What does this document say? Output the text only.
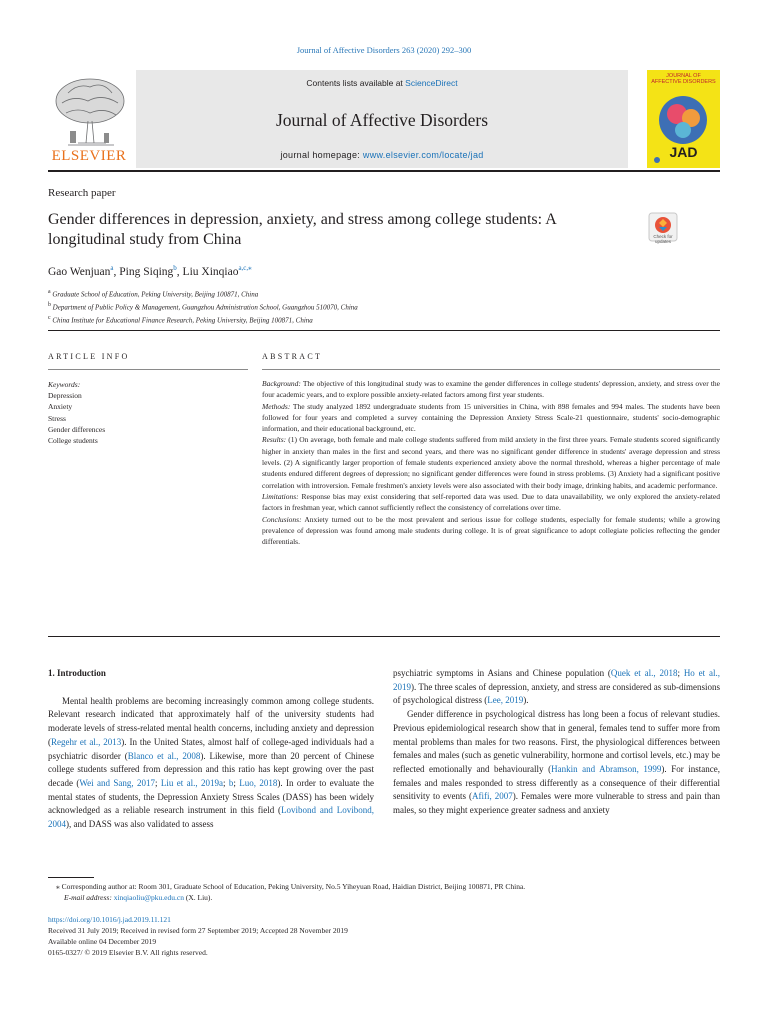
Journal of Affective Disorders 263 (2020) 292–300
ELSEVIER
Contents lists available at ScienceDirect
Journal of Affective Disorders
journal homepage: www.elsevier.com/locate/jad
JOURNAL OF AFFECTIVE DISORDERS
JAD
Research paper
Gender differences in depression, anxiety, and stress among college students: A longitudinal study from China	Check for updates
Gao Wenjuan$^a$, Ping Siqing$^b$, Liu Xinqiao$^{a,c,⁎}$
$^a$ Graduate School of Education, Peking University, Beijing 100871, China
$^b$ Department of Public Policy & Management, Guangzhou Administration School, Guangzhou 510070, China
$^c$ China Institute for Educational Finance Research, Peking University, Beijing 100871, China
ARTICLE INFO	ABSTRACT
Keywords:
Depression
Anxiety
Stress
Gender differences
College students

Background: The objective of this longitudinal study was to examine the gender differences in college students' depression, anxiety, and stress over the four academic years, and to explore possible anxiety-related factors among first year students.

Methods: The study analyzed 1892 undergraduate students from 15 universities in China, with 898 females and 994 males. The students have been followed for four years and completed a survey containing the Depression Anxiety Stress Scale-21 questionnaire, students' socio-demographic information, and their educational background, etc.

Results: (1) On average, both female and male college students suffered from mild anxiety in the first three years. Female students scored significantly higher in anxiety than males in the first and second years, and there was no significant gender difference in students' average depression and stress levels. (2) A significantly larger proportion of female students experienced anxiety above the normal threshold, whereas a higher percentage of male students endured different degrees of depression; no significant gender differences were found in stress problems. (3) Anxiety had a significant positive correlation with introversion. Female freshmen's anxiety levels were also associated with their body image, drinking habits, and academic performance.

Limitations: Response bias may exist considering that self-reported data was used. Due to data unavailability, we only explored the anxiety-related factors in freshman year, which cannot sufficiently reflect the consistency of correlations over time.

Conclusions: Anxiety turned out to be the most prevalent and serious issue for college students, especially for female students; while a growing prevalence of depression was found among male students during college. It is of great significance to adopt collegiate policies reflecting the gender differentials.

1. Introduction

Mental health problems are becoming increasingly common among college students. Relevant research indicated that approximately half of the university students had moderate levels of stress-related mental health concerns, including anxiety and depression (Regehr et al., 2013). In the United States, almost half of college-aged individuals had a psychiatric disorder (Blanco et al., 2008). Likewise, more than 20 percent of Chinese college students suffered from depression and this ratio has kept growing over the past decade (Wei and Sang, 2017; Liu et al., 2019a; b; Luo, 2018). In order to evaluate the mental states of students, the Depression Anxiety Stress Scales (DASS) has been widely acknowledged as a reliable research instrument in this field (Lovibond and Lovibond, 2004), and DASS was also validated to assess

psychiatric symptoms in Asians and Chinese population (Quek et al., 2018; Ho et al., 2019). The three scales of depression, anxiety, and stress are considered as sub-dimensions of psychological distress (Lee, 2019).

Gender difference in psychological distress has long been a focus of relevant studies. Previous epidemiological research show that in general, females tend to suffer more from mental problems than males for two reasons. First, the physiological differences between females and males (such as genetic vulnerability, hormone and cortisol levels, etc.) may be reflected emotionally and behaviourally (Hankin and Abramson, 1999). For instance, females and males responded to stress differently as a consequence of their differential sensitivity to events (Afifi, 2007). Females were more vulnerable to stress and pain than males, so they might experience greater sadness and anxiety

⁎ Corresponding author at: Room 301, Graduate School of Education, Peking University, No.5 Yiheyuan Road, Haidian District, Beijing 100871, PR China.
E-mail address: xinqiaoliu@pku.edu.cn (X. Liu).
https://doi.org/10.1016/j.jad.2019.11.121
Received 31 July 2019; Received in revised form 27 September 2019; Accepted 28 November 2019
Available online 04 December 2019
0165-0327/ © 2019 Elsevier B.V. All rights reserved.
